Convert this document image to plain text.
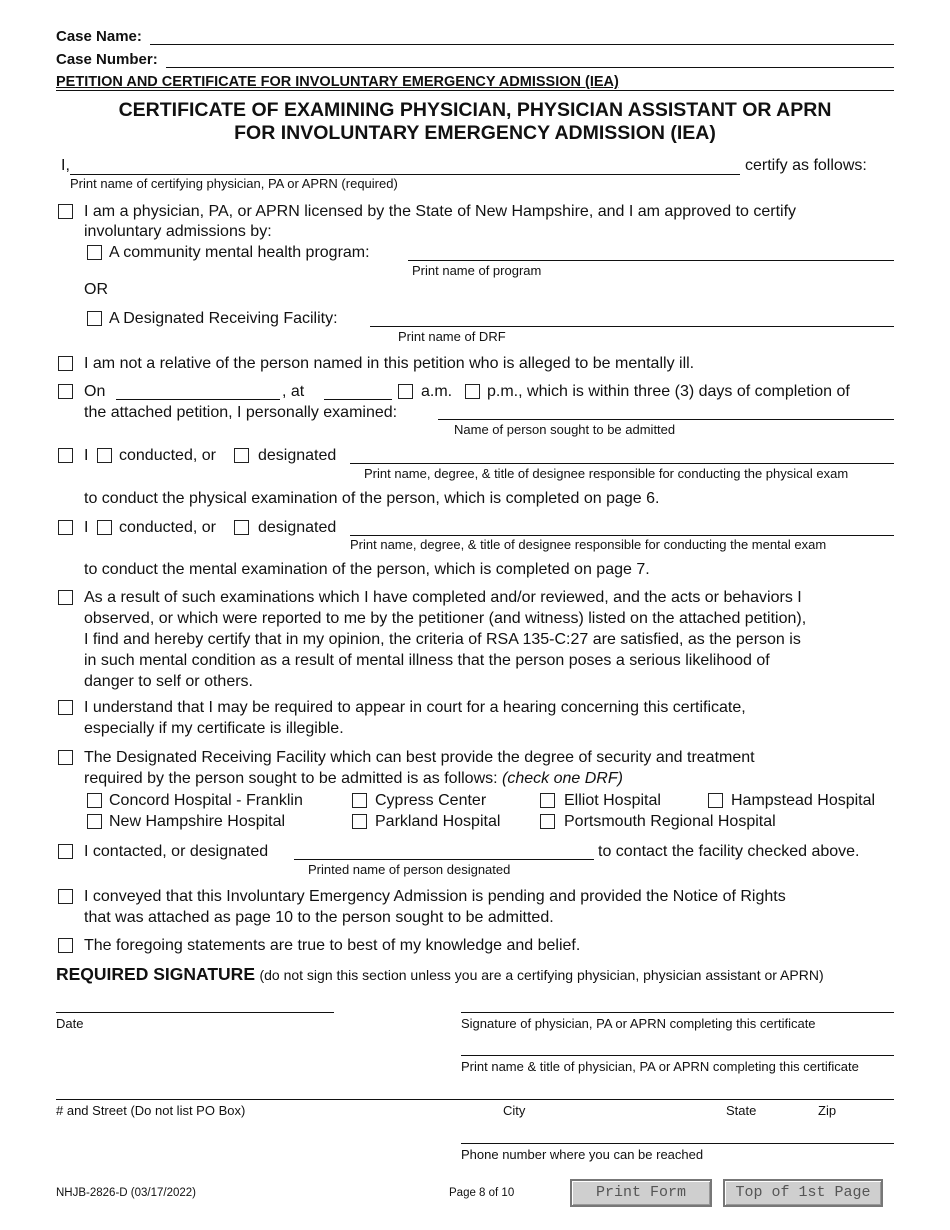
Case Name:
Case Number:
PETITION AND CERTIFICATE FOR INVOLUNTARY EMERGENCY ADMISSION (IEA)
CERTIFICATE OF EXAMINING PHYSICIAN, PHYSICIAN ASSISTANT OR APRN
FOR INVOLUNTARY EMERGENCY ADMISSION (IEA)
I,	certify as follows:
Print name of certifying physician, PA or APRN (required)
I am a physician, PA, or APRN licensed by the State of New Hampshire, and I am approved to certify
involuntary admissions by:
A community mental health program:
Print name of program
OR
A Designated Receiving Facility:
Print name of DRF
I am not a relative of the person named in this petition who is alleged to be mentally ill.
On	, at	a.m. p.m., which is within three (3) days of completion of
the attached petition, I personally examined:
Name of person sought to be admitted
I conducted, or	designated
Print name, degree, & title of designee responsible for conducting the physical exam
to conduct the physical examination of the person, which is completed on page 6.
I conducted, or	designated
Print name, degree, & title of designee responsible for conducting the mental exam
to conduct the mental examination of the person, which is completed on page 7.
As a result of such examinations which I have completed and/or reviewed, and the acts or behaviors I
observed, or which were reported to me by the petitioner (and witness) listed on the attached petition),
I find and hereby certify that in my opinion, the criteria of RSA 135-C:27 are satisfied, as the person is
in such mental condition as a result of mental illness that the person poses a serious likelihood of
danger to self or others.
I understand that I may be required to appear in court for a hearing concerning this certificate,
especially if my certificate is illegible.
The Designated Receiving Facility which can best provide the degree of security and treatment
required by the person sought to be admitted is as follows: (check one DRF)
Concord Hospital - Franklin	Cypress Center	Elliot Hospital	Hampstead Hospital
New Hampshire Hospital	Parkland Hospital	Portsmouth Regional Hospital
I contacted, or designated	to contact the facility checked above.
Printed name of person designated
I conveyed that this Involuntary Emergency Admission is pending and provided the Notice of Rights
that was attached as page 10 to the person sought to be admitted.
The foregoing statements are true to best of my knowledge and belief.
REQUIRED SIGNATURE (do not sign this section unless you are a certifying physician, physician assistant or APRN)
Date	Signature of physician, PA or APRN completing this certificate
Print name & title of physician, PA or APRN completing this certificate
# and Street (Do not list PO Box)	City	State	Zip
Phone number where you can be reached
NHJB-2826-D (03/17/2022)	Page 8 of 10	Print Form	Top of 1st Page
